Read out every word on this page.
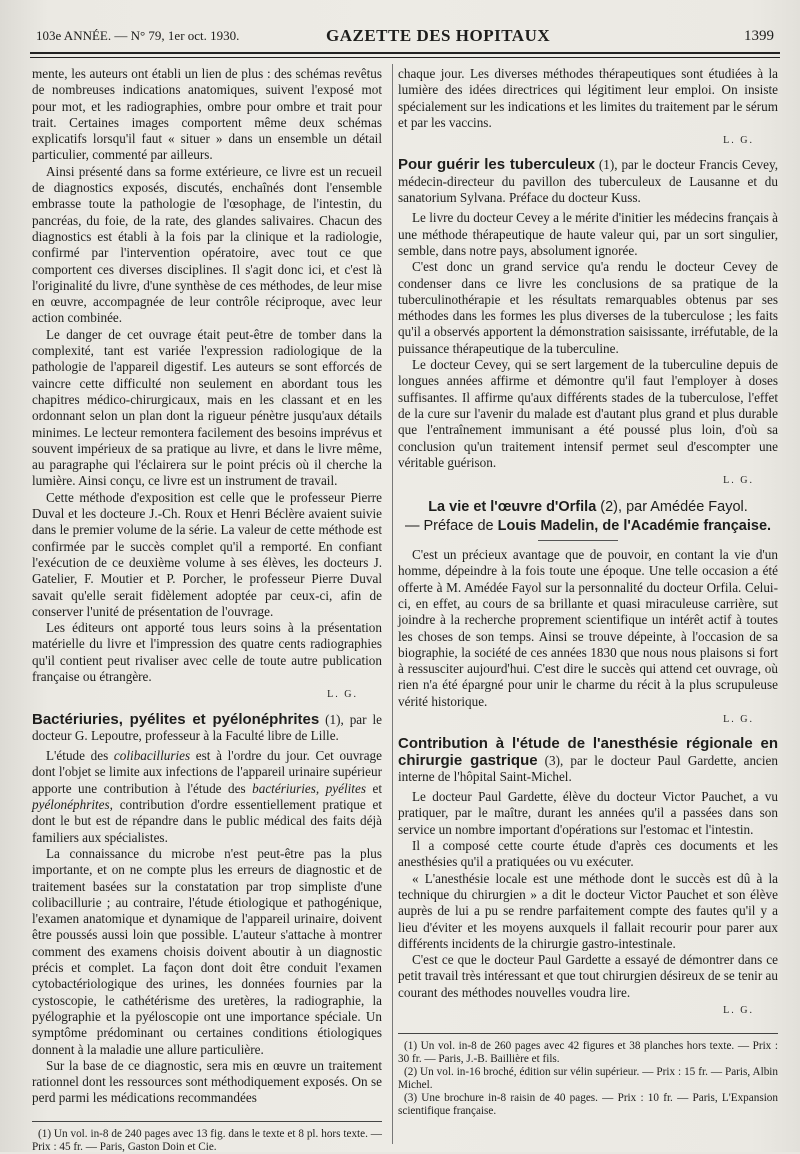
103e ANNÉE. — N° 79, 1er oct. 1930.	GAZETTE DES HOPITAUX	1399

mente, les auteurs ont établi un lien de plus : des schémas revêtus de nombreuses indications anatomiques, suivent l'exposé mot pour mot, et les radiographies, ombre pour ombre et trait pour trait. Certaines images comportent même deux schémas explicatifs lorsqu'il faut « situer » dans un ensemble un détail particulier, commenté par ailleurs.

Ainsi présenté dans sa forme extérieure, ce livre est un recueil de diagnostics exposés, discutés, enchaînés dont l'ensemble embrasse toute la pathologie de l'œsophage, de l'intestin, du pancréas, du foie, de la rate, des glandes salivaires. Chacun des diagnostics est établi à la fois par la clinique et la radiologie, confirmé par l'intervention opératoire, avec tout ce que comportent ces diverses disciplines. Il s'agit donc ici, et c'est là l'originalité du livre, d'une synthèse de ces méthodes, de leur mise en œuvre, accompagnée de leur contrôle réciproque, avec leur action combinée.

Le danger de cet ouvrage était peut-être de tomber dans la complexité, tant est variée l'expression radiologique de la pathologie de l'appareil digestif. Les auteurs se sont efforcés de vaincre cette difficulté non seulement en abordant tous les chapitres médico-chirurgicaux, mais en les classant et en les ordonnant selon un plan dont la rigueur pénètre jusqu'aux détails minimes. Le lecteur remontera facilement des besoins imprévus et souvent impérieux de sa pratique au livre, et dans le livre même, au paragraphe qui l'éclairera sur le point précis où il cherche la lumière. Ainsi conçu, ce livre est un instrument de travail.

Cette méthode d'exposition est celle que le professeur Pierre Duval et les docteure J.-Ch. Roux et Henri Béclère avaient suivie dans le premier volume de la série. La valeur de cette méthode est confirmée par le succès complet qu'il a remporté. En confiant l'exécution de ce deuxième volume à ses élèves, les docteurs J. Gatelier, F. Moutier et P. Porcher, le professeur Pierre Duval savait qu'elle serait fidèlement adoptée par ceux-ci, afin de conserver l'unité de présentation de l'ouvrage.

Les éditeurs ont apporté tous leurs soins à la présentation matérielle du livre et l'impression des quatre cents radiographies qu'il contient peut rivaliser avec celle de toute autre publication française ou étrangère.

L. G.

Bactériuries, pyélites et pyélonéphrites (1), par le docteur G. Lepoutre, professeur à la Faculté libre de Lille.

L'étude des colibacilluries est à l'ordre du jour. Cet ouvrage dont l'objet se limite aux infections de l'appareil urinaire supérieur apporte une contribution à l'étude des bactériuries, pyélites et pyélonéphrites, contribution d'ordre essentiellement pratique et dont le but est de répandre dans le public médical des faits déjà familiers aux spécialistes.

La connaissance du microbe n'est peut-être pas la plus importante, et on ne compte plus les erreurs de diagnostic et de traitement basées sur la constatation par trop simpliste d'une colibacillurie ; au contraire, l'étude étiologique et pathogénique, l'examen anatomique et dynamique de l'appareil urinaire, doivent être poussés aussi loin que possible. L'auteur s'attache à montrer comment des examens choisis doivent aboutir à un diagnostic précis et complet. La façon dont doit être conduit l'examen cytobactériologique des urines, les données fournies par la cystoscopie, le cathétérisme des uretères, la radiographie, la pyélographie et la pyéloscopie ont une importance spéciale. Un symptôme prédominant ou certaines conditions étiologiques donnent à la maladie une allure particulière.

Sur la base de ce diagnostic, sera mis en œuvre un traitement rationnel dont les ressources sont méthodiquement exposés. On se perd parmi les médications recommandées

(1) Un vol. in-8 de 240 pages avec 13 fig. dans le texte et 8 pl. hors texte. — Prix : 45 fr. — Paris, Gaston Doin et Cie.

chaque jour. Les diverses méthodes thérapeutiques sont étudiées à la lumière des idées directrices qui légitiment leur emploi. On insiste spécialement sur les indications et les limites du traitement par le sérum et par les vaccins.

L. G.

Pour guérir les tuberculeux (1), par le docteur Francis Cevey, médecin-directeur du pavillon des tuberculeux de Lausanne et du sanatorium Sylvana. Préface du docteur Kuss.

Le livre du docteur Cevey a le mérite d'initier les médecins français à une méthode thérapeutique de haute valeur qui, par un sort singulier, semble, dans notre pays, absolument ignorée.

C'est donc un grand service qu'a rendu le docteur Cevey de condenser dans ce livre les conclusions de sa pratique de la tuberculinothérapie et les résultats remarquables obtenus par ses méthodes dans les formes les plus diverses de la tuberculose ; les faits qu'il a observés apportent la démonstration saisissante, irréfutable, de la puissance thérapeutique de la tuberculine.

Le docteur Cevey, qui se sert largement de la tuberculine depuis de longues années affirme et démontre qu'il faut l'employer à doses suffisantes. Il affirme qu'aux différents stades de la tuberculose, l'effet de la cure sur l'avenir du malade est d'autant plus grand et plus durable que l'entraînement immunisant a été poussé plus loin, d'où sa conclusion qu'un traitement intensif permet seul d'escompter une véritable guérison.

L. G.

La vie et l'œuvre d'Orfila (2), par Amédée Fayol.

— Préface de Louis Madelin, de l'Académie française.

C'est un précieux avantage que de pouvoir, en contant la vie d'un homme, dépeindre à la fois toute une époque. Une telle occasion a été offerte à M. Amédée Fayol sur la personnalité du docteur Orfila. Celui-ci, en effet, au cours de sa brillante et quasi miraculeuse carrière, sut joindre à la recherche proprement scientifique un intérêt actif à toutes les choses de son temps. Ainsi se trouve dépeinte, à l'occasion de sa biographie, la société de ces années 1830 que nous nous plaisons si fort à ressusciter aujourd'hui. C'est dire le succès qui attend cet ouvrage, où rien n'a été épargné pour unir le charme du récit à la plus scrupuleuse vérité historique.

L. G.

Contribution à l'étude de l'anesthésie régionale en chirurgie gastrique (3), par le docteur Paul Gardette, ancien interne de l'hôpital Saint-Michel.

Le docteur Paul Gardette, élève du docteur Victor Pauchet, a vu pratiquer, par le maître, durant les années qu'il a passées dans son service un nombre important d'opérations sur l'estomac et l'intestin.

Il a composé cette courte étude d'après ces documents et les anesthésies qu'il a pratiquées ou vu exécuter.

« L'anesthésie locale est une méthode dont le succès est dû à la technique du chirurgien » a dit le docteur Victor Pauchet et son élève auprès de lui a pu se rendre parfaitement compte des fautes qu'il y a lieu d'éviter et les moyens auxquels il fallait recourir pour parer aux différents incidents de la chirurgie gastro-intestinale.

C'est ce que le docteur Paul Gardette a essayé de démontrer dans ce petit travail très intéressant et que tout chirurgien désireux de se tenir au courant des méthodes nouvelles voudra lire.

L. G.

(1) Un vol. in-8 de 260 pages avec 42 figures et 38 planches hors texte. — Prix : 30 fr. — Paris, J.-B. Baillière et fils.

(2) Un vol. in-16 broché, édition sur vélin supérieur. — Prix : 15 fr. — Paris, Albin Michel.

(3) Une brochure in-8 raisin de 40 pages. — Prix : 10 fr. — Paris, L'Expansion scientifique française.
